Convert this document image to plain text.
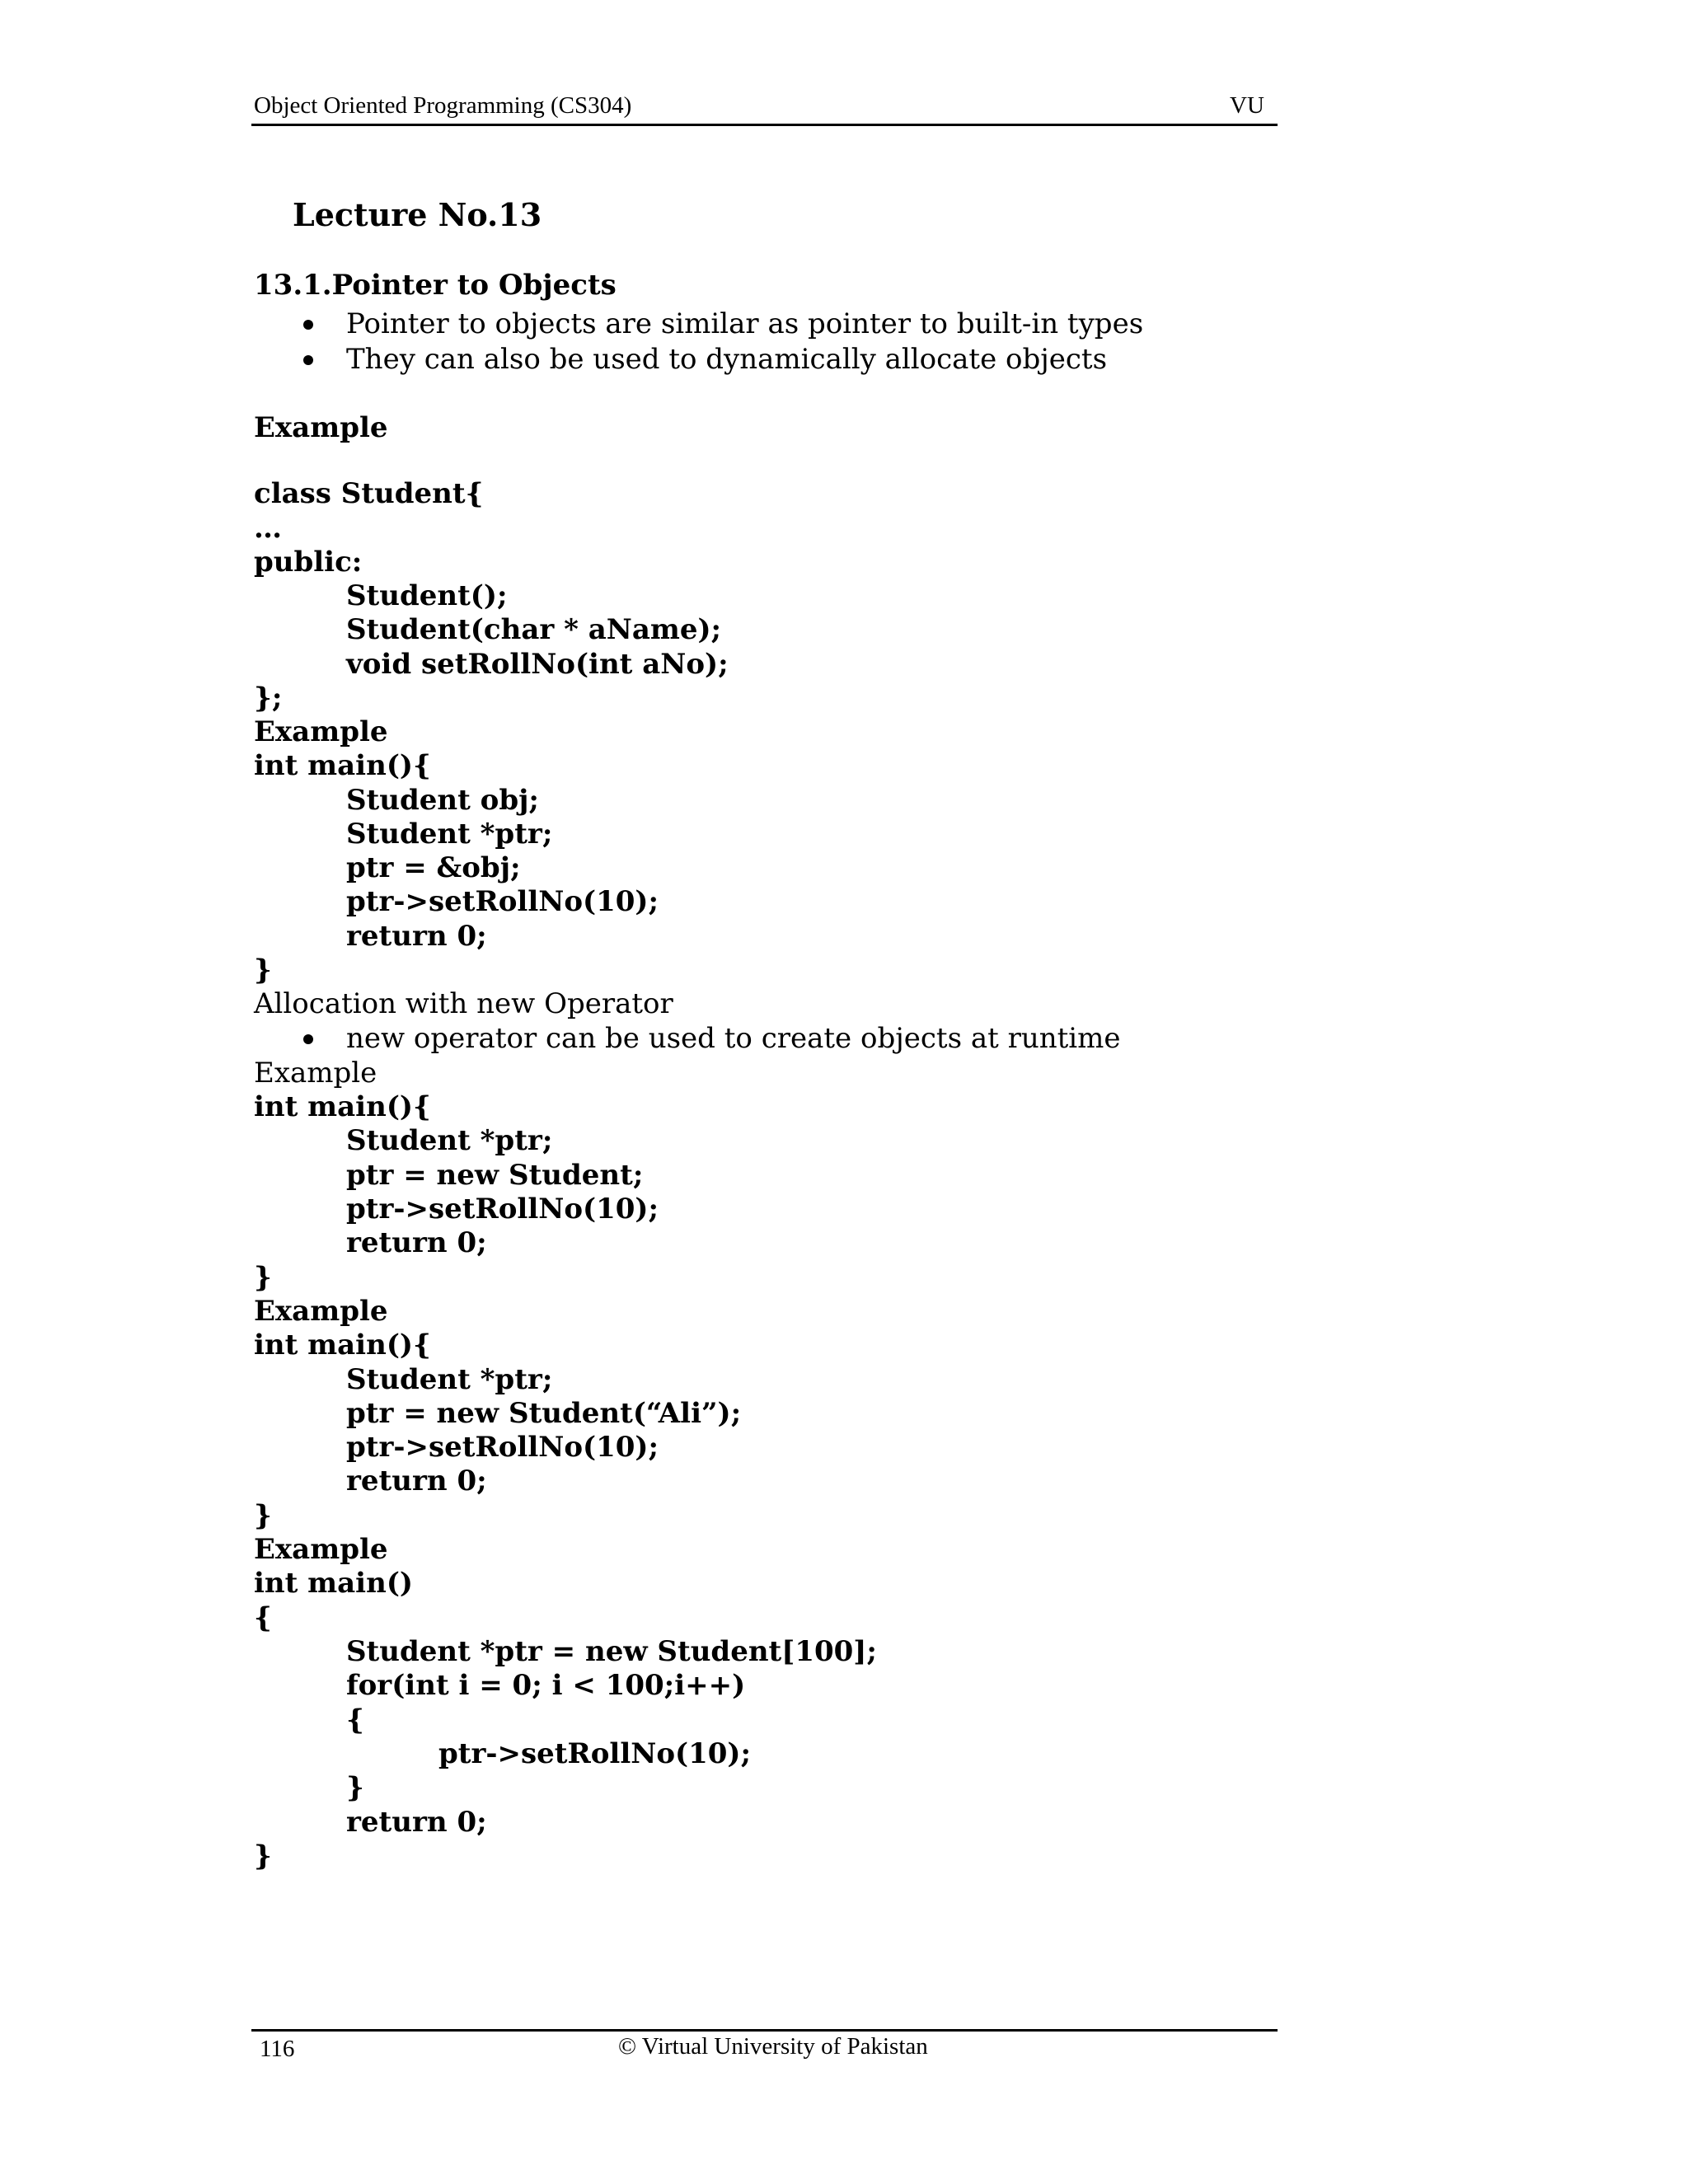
Object Oriented Programming (CS304)	VU
Lecture No.13
13.1.Pointer to Objects
Pointer to objects are similar as pointer to built-in types
They can also be used to dynamically allocate objects
Example
class Student{
…
public:
Student();
Student(char * aName);
void setRollNo(int aNo);
};
Example
int main(){
Student obj;
Student *ptr;
ptr = &obj;
ptr->setRollNo(10);
return 0;
}
Allocation with new Operator
new operator can be used to create objects at runtime
Example
int main(){
Student *ptr;
ptr = new Student;
ptr->setRollNo(10);
return 0;
}
Example
int main(){
Student *ptr;
ptr = new Student(“Ali”);
ptr->setRollNo(10);
return 0;
}
Example
int main()
{
Student *ptr = new Student[100];
for(int i = 0; i < 100;i++)
{
ptr->setRollNo(10);
}
return 0;
}
116	© Virtual University of Pakistan
